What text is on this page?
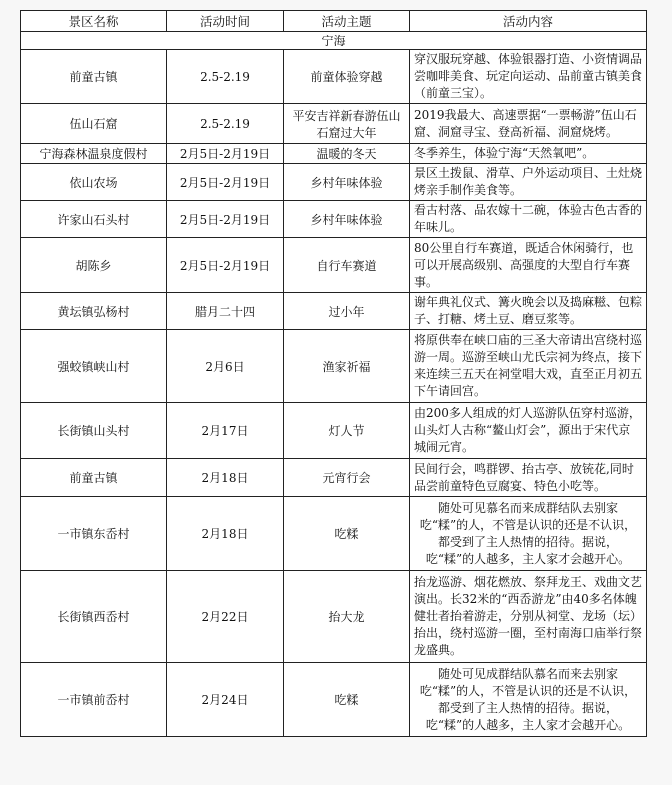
景区名称	活动时间	活动主题	活动内容
宁海			
前童古镇	2.5-2.19	前童体验穿越	穿汉服玩穿越、体验银器打造、小资情调品尝咖啡美食、玩定向运动、品前童古镇美食（前童三宝）。
伍山石窟	2.5-2.19	平安吉祥新春游伍山石窟过大年	2019我最大、高速票据“一票畅游”伍山石窟、洞窟寻宝、登高祈福、洞窟烧烤。
宁海森林温泉度假村	2月5日-2月19日	温暖的冬天	冬季养生，体验宁海“天然氧吧”。
依山农场	2月5日-2月19日	乡村年味体验	景区土拨鼠、滑草、户外运动项目、土灶烧烤亲手制作美食等。
许家山石头村	2月5日-2月19日	乡村年味体验	看古村落、品农嫁十二碗，体验古色古香的年味儿。
胡陈乡	2月5日-2月19日	自行车赛道	80公里自行车赛道，既适合休闲骑行，也可以开展高级别、高强度的大型自行车赛事。
黄坛镇弘杨村	腊月二十四	过小年	谢年典礼仪式、篝火晚会以及捣麻糍、包粽子、打糖、烤土豆、磨豆浆等。
强蛟镇峡山村	2月6日	渔家祈福	将原供奉在峡口庙的三圣大帝请出宫绕村巡游一周。巡游至峡山尤氏宗祠为终点，接下来连续三五天在祠堂唱大戏，直至正月初五下午请回宫。
长街镇山头村	2月17日	灯人节	由200多人组成的灯人巡游队伍穿村巡游，山头灯人古称“鳌山灯会”，源出于宋代京城闹元宵。
前童古镇	2月18日	元宵行会	民间行会，鸣群锣、抬古亭、放铳花,同时品尝前童特色豆腐宴、特色小吃等。
一市镇东岙村	2月18日	吃糅	随处可见慕名而来成群结队去别家吃“糅”的人，不管是认识的还是不认识，都受到了主人热情的招待。据说，吃“糅”的人越多，主人家才会越开心。
长街镇西岙村	2月22日	抬大龙	抬龙巡游、烟花燃放、祭拜龙王、戏曲文艺演出。长32米的“西岙游龙”由40多名体魄健壮者抬着游走，分别从祠堂、龙场（坛）抬出，绕村巡游一圈，至村南海口庙举行祭龙盛典。
一市镇前岙村	2月24日	吃糅	随处可见成群结队慕名而来去别家吃“糅”的人，不管是认识的还是不认识，都受到了主人热情的招待。据说，吃“糅”的人越多，主人家才会越开心。
